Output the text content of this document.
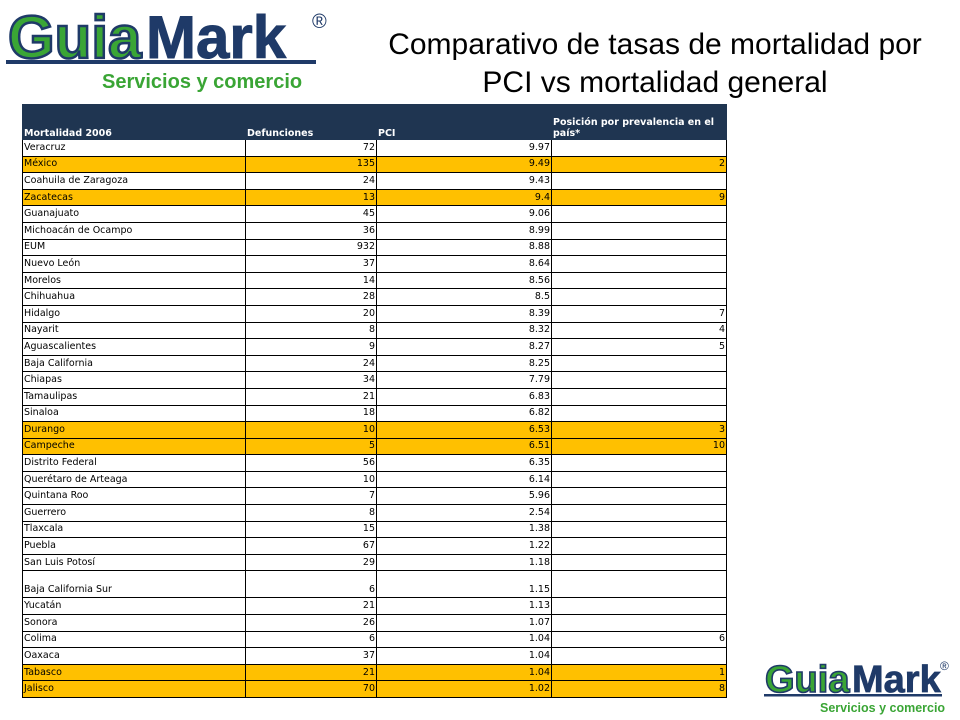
Guia Mark ®
Servicios y comercio
Comparativo de tasas de mortalidad por
PCI vs mortalidad general
Mortalidad 2006	Defunciones	PCI	Posición por prevalencia en el país*
Veracruz	72	9.97	
México	135	9.49	2
Coahuila de Zaragoza	24	9.43	
Zacatecas	13	9.4	9
Guanajuato	45	9.06	
Michoacán de Ocampo	36	8.99	
EUM	932	8.88	
Nuevo León	37	8.64	
Morelos	14	8.56	
Chihuahua	28	8.5	
Hidalgo	20	8.39	7
Nayarit	8	8.32	4
Aguascalientes	9	8.27	5
Baja California	24	8.25	
Chiapas	34	7.79	
Tamaulipas	21	6.83	
Sinaloa	18	6.82	
Durango	10	6.53	3
Campeche	5	6.51	10
Distrito Federal	56	6.35	
Querétaro de Arteaga	10	6.14	
Quintana Roo	7	5.96	
Guerrero	8	2.54	
Tlaxcala	15	1.38	
Puebla	67	1.22	
San Luis Potosí	29	1.18	
Baja California Sur	6	1.15	
Yucatán	21	1.13	
Sonora	26	1.07	
Colima	6	1.04	6
Oaxaca	37	1.04	
Tabasco	21	1.04	1
Jalisco	70	1.02	8 Guia Mark ®
Servicios y comercio
